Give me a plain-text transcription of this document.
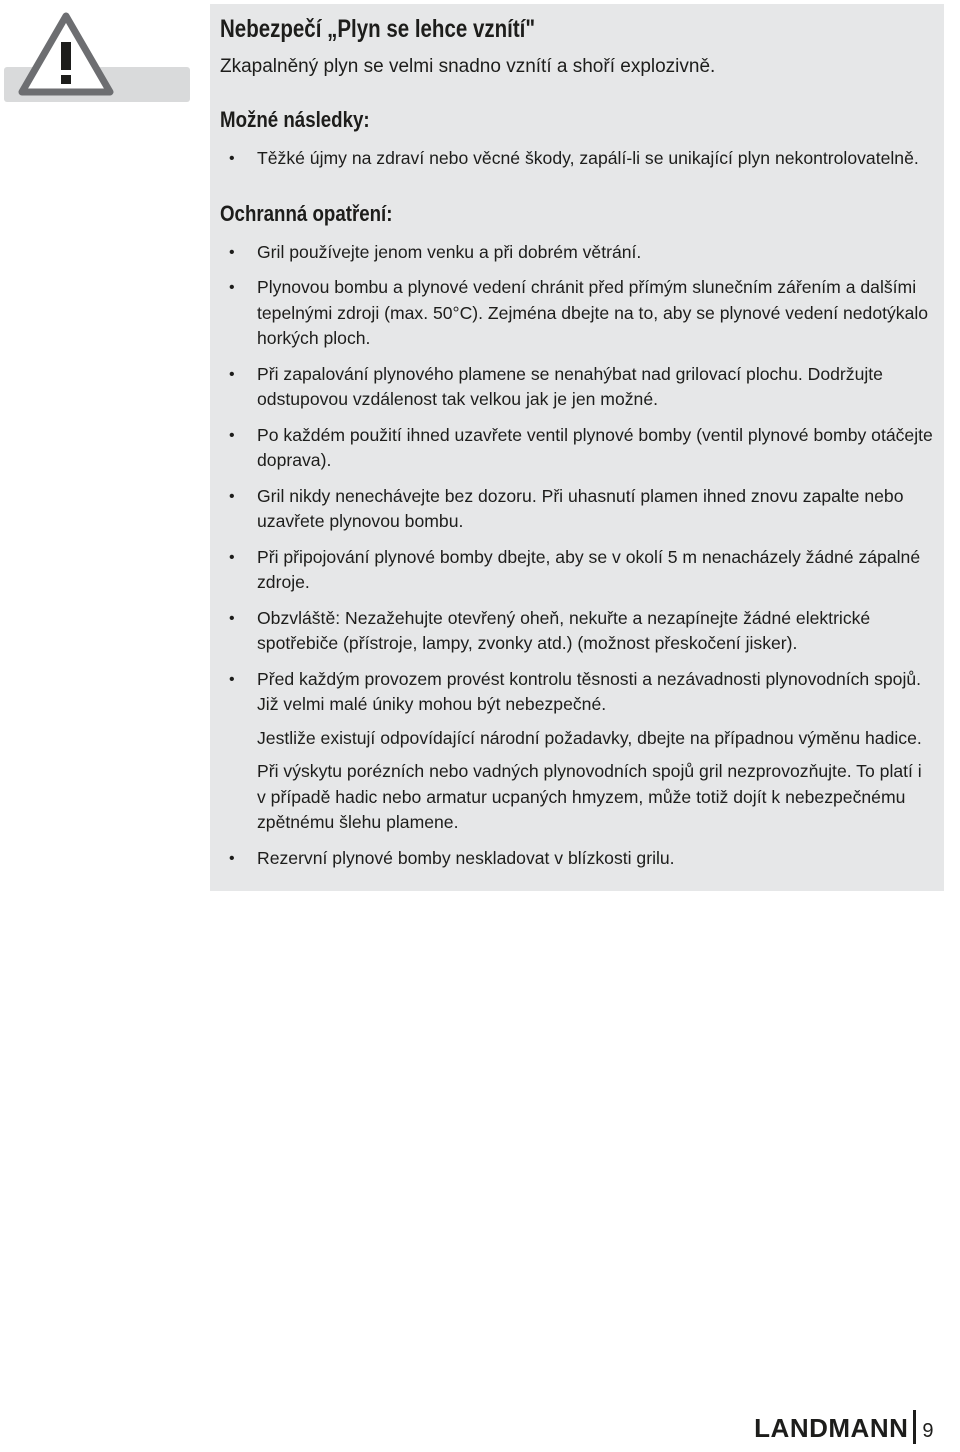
Nebezpečí „Plyn se lehce vznítí"

Zkapalněný plyn se velmi snadno vznítí a shoří explozivně.

Možné následky:
• Těžké újmy na zdraví nebo věcné škody, zapálí-li se unikající plyn nekontrolovatelně.
Ochranná opatření:
• Gril používejte jenom venku a při dobrém větrání.
• Plynovou bombu a plynové vedení chránit před přímým slunečním zářením a dalšími tepelnými zdroji (max. 50°C). Zejména dbejte na to, aby se plynové vedení nedotýkalo horkých ploch.
• Při zapalování plynového plamene se nenahýbat nad grilovací plochu. Dodržujte odstupovou vzdálenost tak velkou jak je jen možné.
• Po každém použití ihned uzavřete ventil plynové bomby (ventil plynové bomby otáčejte doprava).
• Gril nikdy nenechávejte bez dozoru. Při uhasnutí plamen ihned znovu zapalte nebo uzavřete plynovou bombu.
• Při připojování plynové bomby dbejte, aby se v okolí 5 m nenacházely žádné zápalné zdroje.
• Obzvláště: Nezažehujte otevřený oheň, nekuřte a nezapínejte žádné elektrické spotřebiče (přístroje, lampy, zvonky atd.) (možnost přeskočení jisker).
• Před každým provozem provést kontrolu těsnosti a nezávadnosti plynovodních spojů. Již velmi malé úniky mohou být nebezpečné.

Jestliže existují odpovídající národní požadavky, dbejte na případnou výměnu hadice.

Při výskytu porézních nebo vadných plynovodních spojů gril nezprovozňujte. To platí i v případě hadic nebo armatur ucpaných hmyzem, může totiž dojít k nebezpečnému zpětnému šlehu plamene.

• Rezervní plynové bomby neskladovat v blízkosti grilu.
LANDMANN 9
